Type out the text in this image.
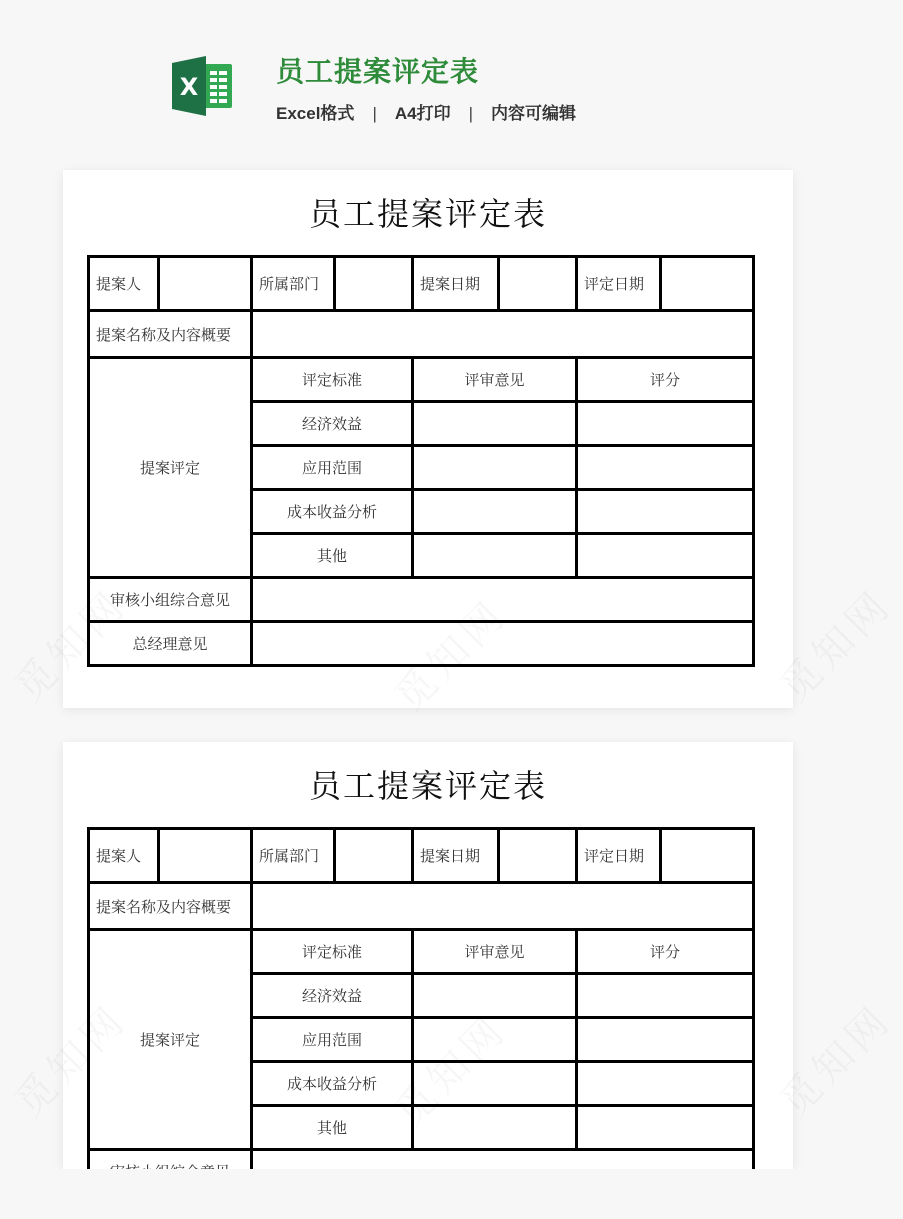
X	员工提案评定表
Excel格式 | A4打印 | 内容可编辑
员工提案评定表
提案人		所属部门		提案日期		评定日期	
提案名称及内容概要							
提案评定		评定标准		评审意见		评分	
		经济效益					
		应用范围					
		成本收益分析					
		其他					
审核小组综合意见							
总经理意见							
员工提案评定表
提案人		所属部门		提案日期		评定日期	
提案名称及内容概要							
提案评定		评定标准		评审意见		评分	
		经济效益					
		应用范围					
		成本收益分析					
		其他					
